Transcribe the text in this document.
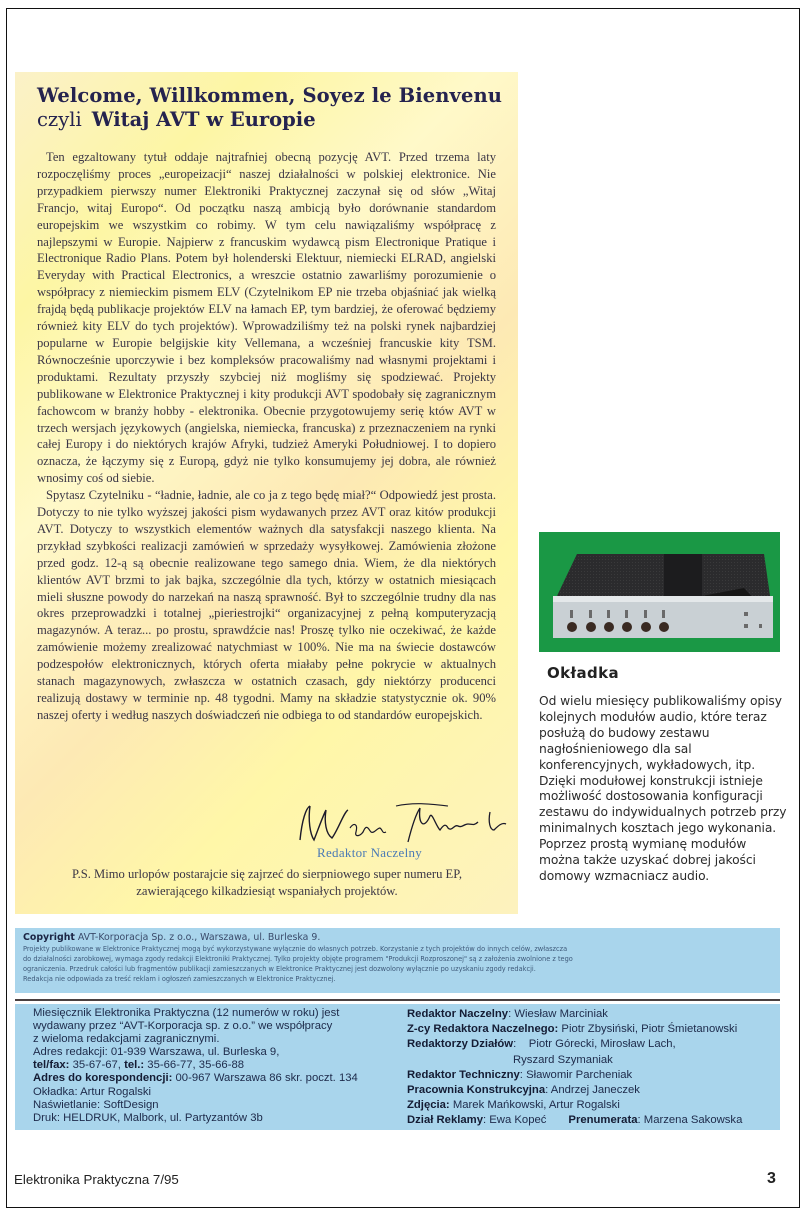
Welcome, Willkommen, Soyez le Bienvenu
czyli Witaj AVT w Europie

Ten egzaltowany tytuł oddaje najtrafniej obecną pozycję AVT. Przed trzema laty rozpoczęliśmy proces „europeizacji“ naszej działalności w polskiej elektronice. Nie przypadkiem pierwszy numer Elektroniki Praktycznej zaczynał się od słów „Witaj Francjo, witaj Europo“. Od początku naszą ambicją było dorównanie standardom europejskim we wszystkim co robimy. W tym celu nawiązaliśmy współpracę z najlepszymi w Europie. Najpierw z francuskim wydawcą pism Electronique Pratique i Electronique Radio Plans. Potem był holenderski Elektuur, niemiecki ELRAD, angielski Everyday with Practical Electronics, a wreszcie ostatnio zawarliśmy porozumienie o współpracy z niemieckim pismem ELV (Czytelnikom EP nie trzeba objaśniać jak wielką frajdą będą publikacje projektów ELV na łamach EP, tym bardziej, że oferować będziemy również kity ELV do tych projektów). Wprowadziliśmy też na polski rynek najbardziej popularne w Europie belgijskie kity Vellemana, a wcześniej francuskie kity TSM. Równocześnie uporczywie i bez kompleksów pracowaliśmy nad własnymi projektami i produktami. Rezultaty przyszły szybciej niż mogliśmy się spodziewać. Projekty publikowane w Elektronice Praktycznej i kity produkcji AVT spodobały się zagranicznym fachowcom w branży hobby - elektronika. Obecnie przygotowujemy serię któw AVT w trzech wersjach językowych (angielska, niemiecka, francuska) z przeznaczeniem na rynki całej Europy i do niektórych krajów Afryki, tudzież Ameryki Południowej. I to dopiero oznacza, że łączymy się z Europą, gdyż nie tylko konsumujemy jej dobra, ale również wnosimy coś od siebie.

Spytasz Czytelniku - “ładnie, ładnie, ale co ja z tego będę miał?“ Odpowiedź jest prosta. Dotyczy to nie tylko wyższej jakości pism wydawanych przez AVT oraz kitów produkcji AVT. Dotyczy to wszystkich elementów ważnych dla satysfakcji naszego klienta. Na przykład szybkości realizacji zamówień w sprzedaży wysyłkowej. Zamówienia złożone przed godz. 12-ą są obecnie realizowane tego samego dnia. Wiem, że dla niektórych klientów AVT brzmi to jak bajka, szczególnie dla tych, którzy w ostatnich miesiącach mieli słuszne powody do narzekań na naszą sprawność. Był to szczególnie trudny dla nas okres przeprowadzki i totalnej „pieriestrojki“ organizacyjnej z pełną komputeryzacją magazynów. A teraz... po prostu, sprawdźcie nas! Proszę tylko nie oczekiwać, że każde zamówienie możemy zrealizować natychmiast w 100%. Nie ma na świecie dostawców podzespołów elektronicznych, których oferta miałaby pełne pokrycie w aktualnych stanach magazynowych, zwłaszcza w ostatnich czasach, gdy niektórzy producenci realizują dostawy w terminie np. 48 tygodni. Mamy na składzie statystycznie ok. 90% naszej oferty i według naszych doświadczeń nie odbiega to od standardów europejskich.

Redaktor Naczelny
P.S. Mimo urlopów postarajcie się zajrzeć do sierpniowego super numeru EP, zawierającego kilkadziesiąt wspaniałych projektów.
Okładka
Od wielu miesięcy publikowaliśmy opisy kolejnych modułów audio, które teraz posłużą do budowy zestawu nagłośnieniowego dla sal konferencyjnych, wykładowych, itp. Dzięki modułowej konstrukcji istnieje możliwość dostosowania konfiguracji zestawu do indywidualnych potrzeb przy minimalnych kosztach jego wykonania. Poprzez prostą wymianę modułów można także uzyskać dobrej jakości domowy wzmacniacz audio.
Copyright AVT-Korporacja Sp. z o.o., Warszawa, ul. Burleska 9.
Projekty publikowane w Elektronice Praktycznej mogą być wykorzystywane wyłącznie do własnych potrzeb. Korzystanie z tych projektów do innych celów, zwłaszcza
do działalności zarobkowej, wymaga zgody redakcji Elektroniki Praktycznej. Tylko projekty objęte programem "Produkcji Rozproszonej" są z założenia zwolnione z tego
ograniczenia. Przedruk całości lub fragmentów publikacji zamieszczanych w Elektronice Praktycznej jest dozwolony wyłącznie po uzyskaniu zgody redakcji.
Redakcja nie odpowiada za treść reklam i ogłoszeń zamieszczanych w Elektronice Praktycznej.
Miesięcznik Elektronika Praktyczna (12 numerów w roku) jest
wydawany przez “AVT-Korporacja sp. z o.o.” we współpracy
z wieloma redakcjami zagranicznymi.
Adres redakcji: 01-939 Warszawa, ul. Burleska 9,
tel/fax: 35-67-67, tel.: 35-66-77, 35-66-88
Adres do korespondencji: 00-967 Warszawa 86 skr. poczt. 134
Okładka: Artur Rogalski
Naświetlanie: SoftDesign
Druk: HELDRUK, Malbork, ul. Partyzantów 3b
Redaktor Naczelny: Wiesław Marciniak
Z-cy Redaktora Naczelnego: Piotr Zbysiński, Piotr Śmietanowski
Redaktorzy Działów:    Piotr Górecki, Mirosław Lach,
Ryszard Szymaniak
Redaktor Techniczny: Sławomir Parcheniak
Pracownia Konstrukcyjna: Andrzej Janeczek
Zdjęcia: Marek Mańkowski, Artur Rogalski
Dział Reklamy: Ewa Kopeć Prenumerata: Marzena Sakowska
Elektronika Praktyczna 7/95	3
